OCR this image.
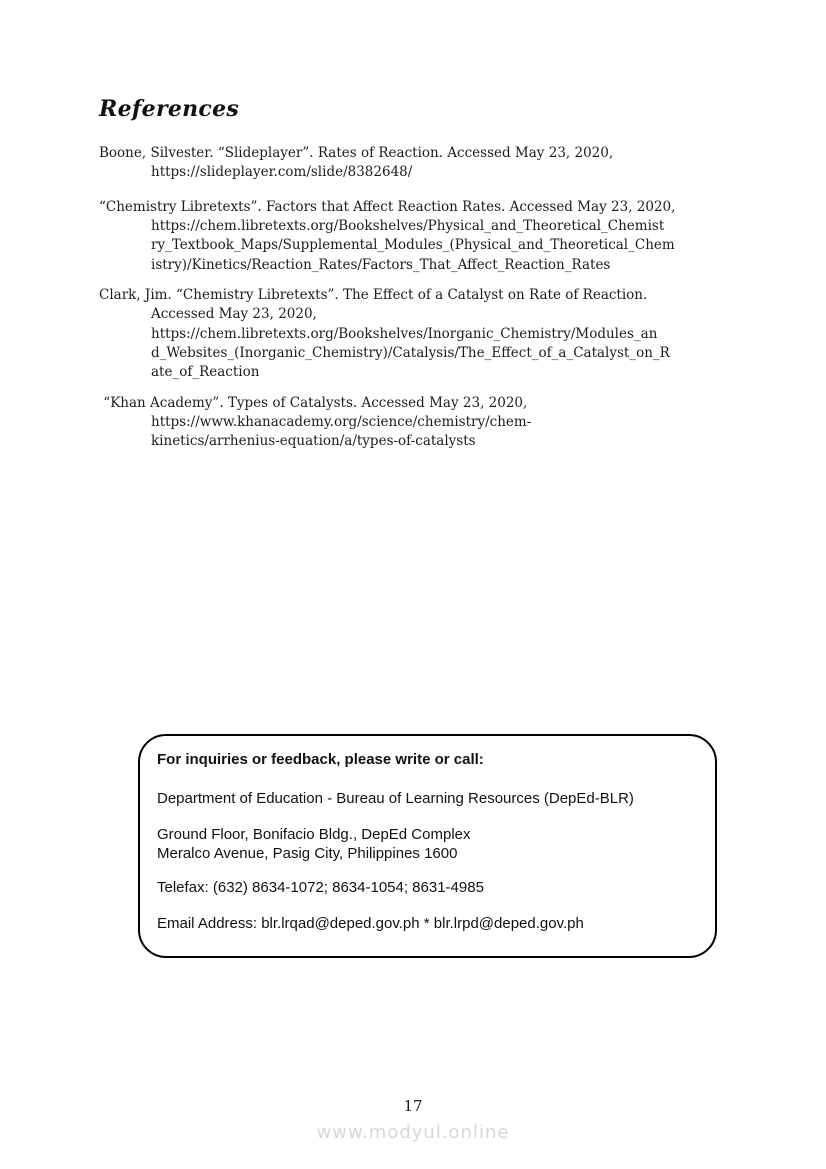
References
Boone, Silvester. “Slideplayer”. Rates of Reaction. Accessed May 23, 2020,
https://slideplayer.com/slide/8382648/
“Chemistry Libretexts”. Factors that Affect Reaction Rates. Accessed May 23, 2020,
https://chem.libretexts.org/Bookshelves/Physical_and_Theoretical_Chemist
ry_Textbook_Maps/Supplemental_Modules_(Physical_and_Theoretical_Chem
istry)/Kinetics/Reaction_Rates/Factors_That_Affect_Reaction_Rates
Clark, Jim. “Chemistry Libretexts”. The Effect of a Catalyst on Rate of Reaction.
Accessed May 23, 2020,
https://chem.libretexts.org/Bookshelves/Inorganic_Chemistry/Modules_an
d_Websites_(Inorganic_Chemistry)/Catalysis/The_Effect_of_a_Catalyst_on_R
ate_of_Reaction
“Khan Academy”. Types of Catalysts. Accessed May 23, 2020,
https://www.khanacademy.org/science/chemistry/chem-
kinetics/arrhenius-equation/a/types-of-catalysts

For inquiries or feedback, please write or call:

Department of Education - Bureau of Learning Resources (DepEd-BLR)

Ground Floor, Bonifacio Bldg., DepEd Complex

Meralco Avenue, Pasig City, Philippines 1600

Telefax: (632) 8634-1072; 8634-1054; 8631-4985

Email Address: blr.lrqad@deped.gov.ph * blr.lrpd@deped.gov.ph

17
www.modyul.online
